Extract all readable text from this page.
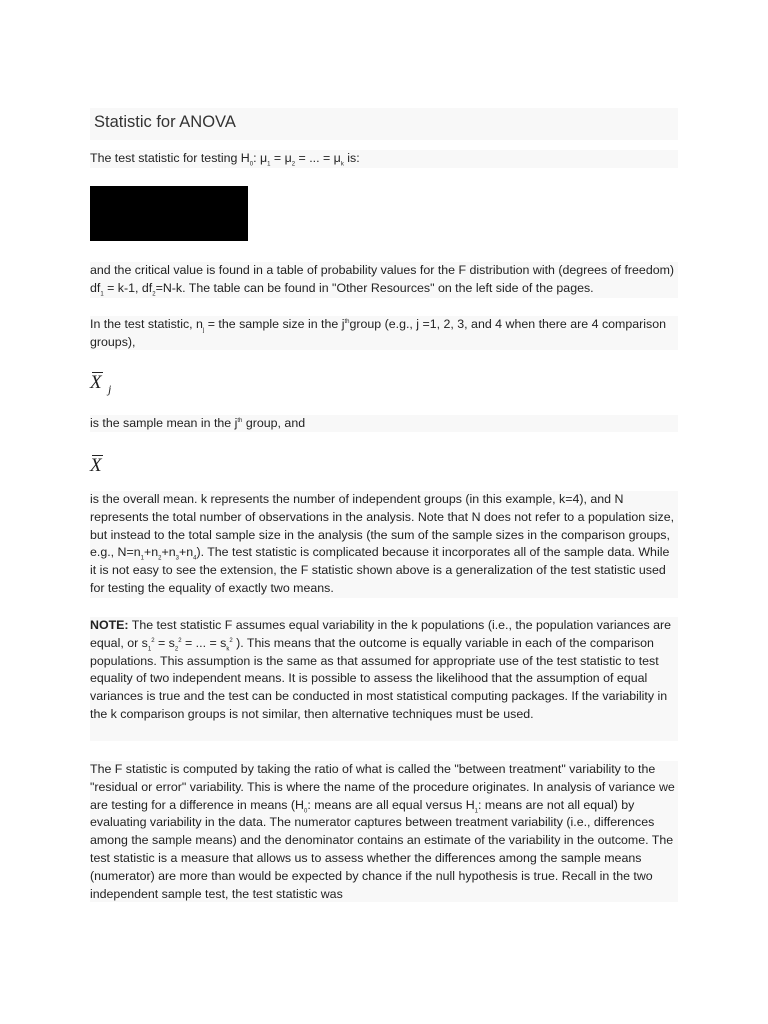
Statistic for ANOVA

The test statistic for testing $H_0$: $\mu_1 = \mu_2$ = ... = $\mu_k$ is:

and the critical value is found in a table of probability values for the F distribution with (degrees of freedom) $df_1 = k-1$, $df_2=N-k$. The table can be found in "Other Resources" on the left side of the pages.

In the test statistic, $n_j$ = the sample size in the $j^{th}group$ (e.g., j =1, 2, 3, and 4 when there are 4 comparison groups),

X j

is the sample mean in the $j^{th}$ group, and

X

is the overall mean. k represents the number of independent groups (in this example, k=4), and N represents the total number of observations in the analysis. Note that N does not refer to a population size, but instead to the total sample size in the analysis (the sum of the sample sizes in the comparison groups, e.g., $N=n_1+n_2+n_3+n_4$). The test statistic is complicated because it incorporates all of the sample data. While it is not easy to see the extension, the F statistic shown above is a generalization of the test statistic used for testing the equality of exactly two means.

NOTE: The test statistic F assumes equal variability in the k populations (i.e., the population variances are equal, or $s_1^2 = s_2^2$ = ... = $s_k^2$ ). This means that the outcome is equally variable in each of the comparison populations. This assumption is the same as that assumed for appropriate use of the test statistic to test equality of two independent means. It is possible to assess the likelihood that the assumption of equal variances is true and the test can be conducted in most statistical computing packages. If the variability in the k comparison groups is not similar, then alternative techniques must be used.

The F statistic is computed by taking the ratio of what is called the "between treatment" variability to the "residual or error" variability. This is where the name of the procedure originates. In analysis of variance we are testing for a difference in means ($H_0$: means are all equal versus $H_1$: means are not all equal) by evaluating variability in the data. The numerator captures between treatment variability (i.e., differences among the sample means) and the denominator contains an estimate of the variability in the outcome. The test statistic is a measure that allows us to assess whether the differences among the sample means (numerator) are more than would be expected by chance if the null hypothesis is true. Recall in the two independent sample test, the test statistic was
